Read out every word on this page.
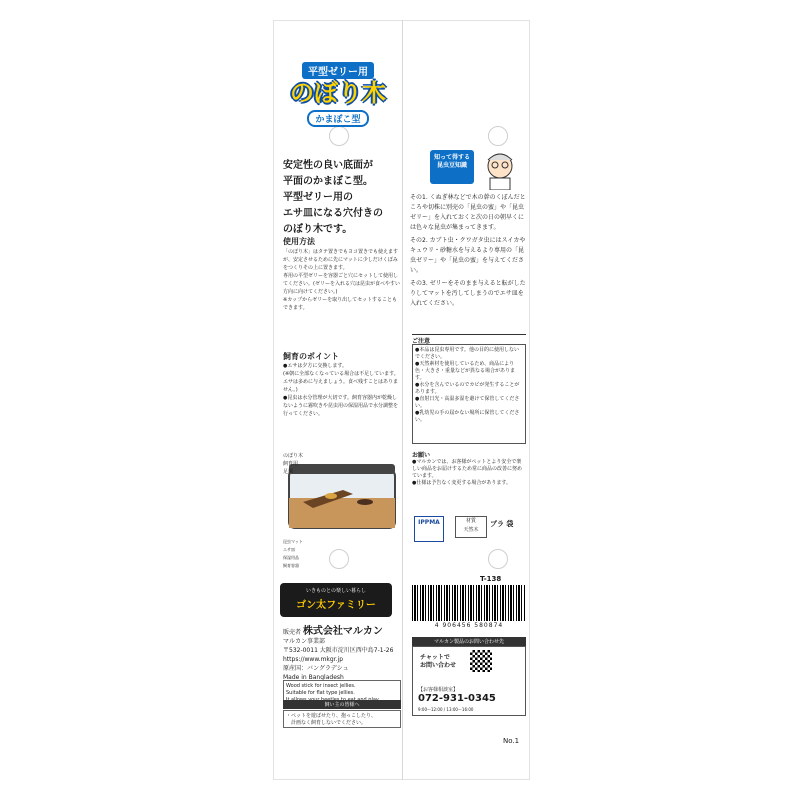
平型ゼリー用
のぼり木
かまぼこ型
安定性の良い底面が
平面のかまぼこ型。
平型ゼリー用の
エサ皿になる穴付きの
のぼり木です。
使用方法
「のぼり木」はタテ置きでもヨコ置きでも使えますが、安定させるために先にマットに少しだけくぼみをつくりその上に置きます。
専用の平型ゼリーを容器ごと穴にセットして使用してください。(ゼリーを入れる穴は昆虫が食べやすい方向に向けてください。)
※カップからゼリーを取り出してセットすることもできます。
飼育のポイント
●エサは夕方に交換します。
(※朝に全部なくなっている場合は不足しています。エサは多めに与えましょう。食べ残すことはありません。)
●昆虫は水分管理が大切です。飼育容器内が乾燥しないように霧吹きや昆虫用の保湿用品で水分調整を行ってください。

のぼり木　
飼育用　
足場

昆虫マット　
エサ皿　
保湿用品　
飼育容器

いきものとの楽しい暮らし
ゴン太ファミリー
販売者 株式会社マルカン
マルカン事業部
〒532-0011 大阪市淀川区西中島7-1-26
https://www.mkgr.jp
原産国：バングラデシュ
Made in Bangladesh
Wood stick for insect jellies.
Suitable for flat type jellies.

飼い主の皆様へ
・ペットを遊ばせたり、抱っこしたり、
　計画なく飼育しないでください。
知って得する
昆虫豆知識
その1. くぬぎ林などで木の幹のくぼんだところや切株に別売の「昆虫の蜜」や「昆虫ゼリー」を入れておくと次の日の朝早くには色々な昆虫が集まってきます。
その2. カブト虫・クワガタ虫にはスイカやキュウリ・砂糖水を与えるより専用の「昆虫ゼリー」や「昆虫の蜜」を与えてください。
その3. ゼリーをそのまま与えると転がしたりしてマットを汚してしまうのでエサ皿を入れてください。
ご注意
●本品は昆虫専用です。他の目的に使用しないでください。
●天然素材を使用しているため、商品により色・大きさ・重量などが異なる場合があります。
●水分を含んでいるのでカビが発生することがあります。
●直射日光・高温多湿を避けて保管してください。
●乳幼児の手の届かない場所に保管してください。
お願い
●マルカンでは、お客様がペットとより安全で楽しい商品をお届けするため常に商品の改善に努めています。
●仕様は予告なく変更する場合があります。
IPPMA	材質
天然木
プラ 袋
T-138
4 906456 580874
マルカン製品のお問い合わせ先
チャットで
お問い合わせ
【お客様相談室】
072-931-0345
9:00〜12:00 / 13:00〜16:00
No.1
